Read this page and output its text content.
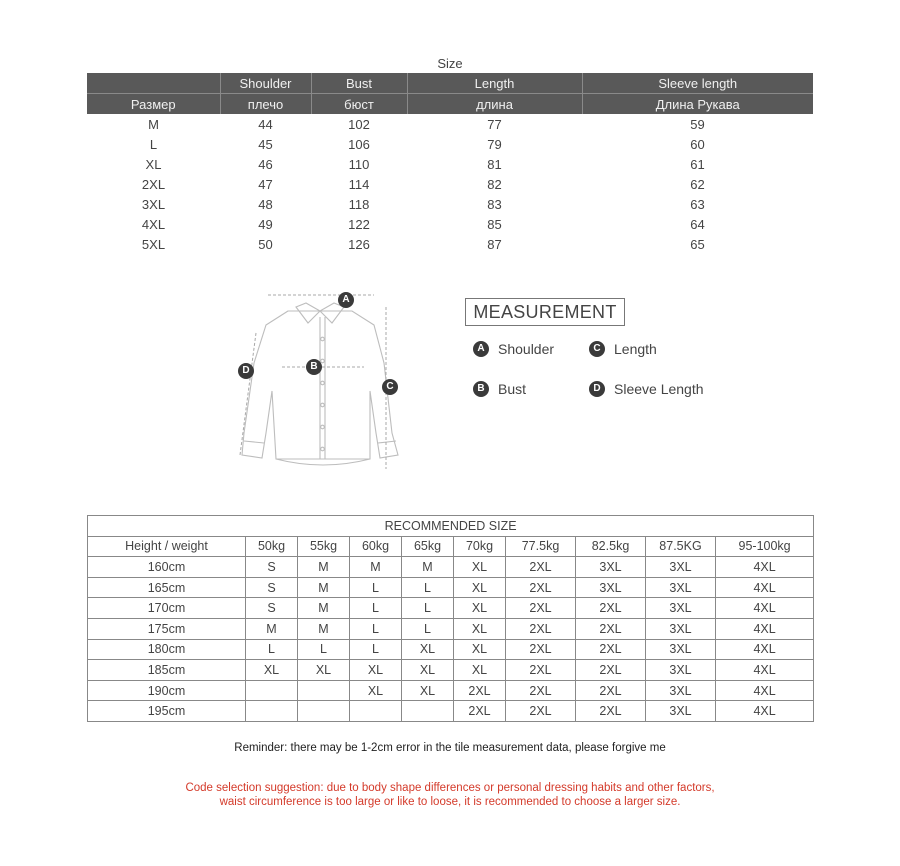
Size
	Shoulder	Bust	Length	Sleeve length
Размер	плечо	бюст	длина	Длина Рукава
M	44	102	77	59
L	45	106	79	60
XL	46	110	81	61
2XL	47	114	82	62
3XL	48	118	83	63
4XL	49	122	85	64
5XL	50	126	87	65
A
B
C
D
MEASUREMENT
A Shoulder	C Length
B Bust	D Sleeve Length
RECOMMENDED SIZE									
Height / weight	50kg	55kg	60kg	65kg	70kg	77.5kg	82.5kg	87.5KG	95-100kg
160cm	S	M	M	M	XL	2XL	3XL	3XL	4XL
165cm	S	M	L	L	XL	2XL	3XL	3XL	4XL
170cm	S	M	L	L	XL	2XL	2XL	3XL	4XL
175cm	M	M	L	L	XL	2XL	2XL	3XL	4XL
180cm	L	L	L	XL	XL	2XL	2XL	3XL	4XL
185cm	XL	XL	XL	XL	XL	2XL	2XL	3XL	4XL
190cm			XL	XL	2XL	2XL	2XL	3XL	4XL
195cm					2XL	2XL	2XL	3XL	4XL
Reminder: there may be 1-2cm error in the tile measurement data, please forgive me
Code selection suggestion: due to body shape differences or personal dressing habits and other factors, waist circumference is too large or like to loose, it is recommended to choose a larger size.
